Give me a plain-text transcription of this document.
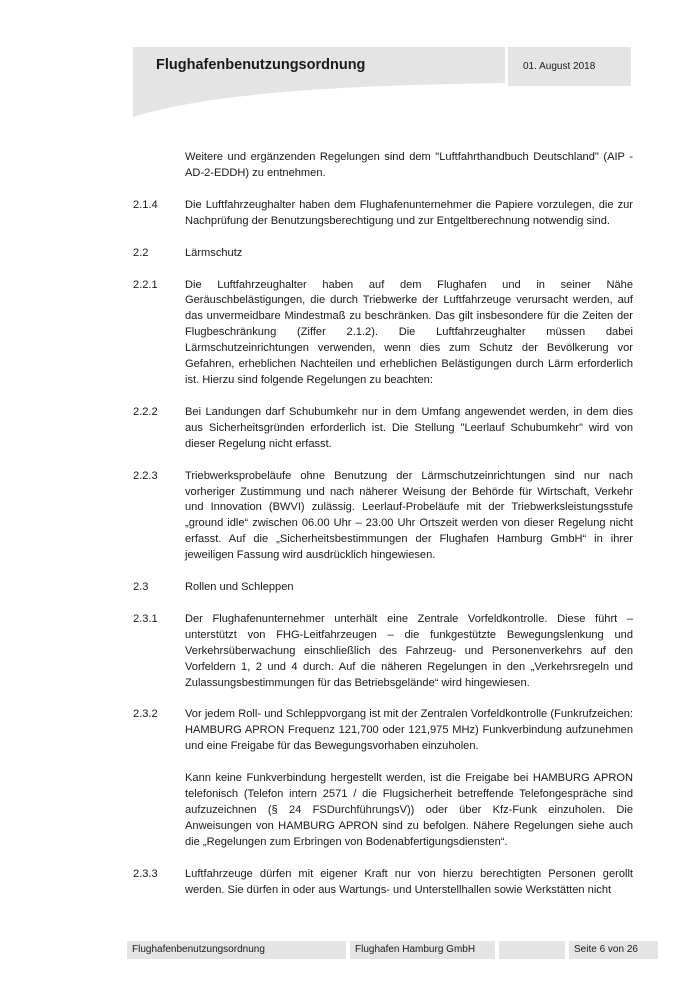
Flughafenbenutzungsordnung	01. August 2018
Weitere und ergänzenden Regelungen sind dem "Luftfahrthandbuch Deutschland" (AIP - AD-2-EDDH) zu entnehmen.
2.1.4 Die Luftfahrzeughalter haben dem Flughafenunternehmer die Papiere vorzulegen, die zur Nachprüfung der Benutzungsberechtigung und zur Entgeltberechnung notwendig sind.
2.2	Lärmschutz
2.2.1 Die Luftfahrzeughalter haben auf dem Flughafen und in seiner Nähe Geräuschbelästigungen, die durch Triebwerke der Luftfahrzeuge verursacht werden, auf das unvermeidbare Mindestmaß zu beschränken. Das gilt insbesondere für die Zeiten der Flugbeschränkung (Ziffer 2.1.2). Die Luftfahrzeughalter müssen dabei Lärmschutzeinrichtungen verwenden, wenn dies zum Schutz der Bevölkerung vor Gefahren, erheblichen Nachteilen und erheblichen Belästigungen durch Lärm erforderlich ist. Hierzu sind folgende Regelungen zu beachten:
2.2.2 Bei Landungen darf Schubumkehr nur in dem Umfang angewendet werden, in dem dies aus Sicherheitsgründen erforderlich ist. Die Stellung "Leerlauf Schubumkehr" wird von dieser Regelung nicht erfasst.
2.2.3 Triebwerksprobeläufe ohne Benutzung der Lärmschutzeinrichtungen sind nur nach vorheriger Zustimmung und nach näherer Weisung der Behörde für Wirtschaft, Verkehr und Innovation (BWVI) zulässig. Leerlauf-Probeläufe mit der Triebwerksleistungsstufe „ground idle“ zwischen 06.00 Uhr – 23.00 Uhr Ortszeit werden von dieser Regelung nicht erfasst. Auf die „Sicherheitsbestimmungen der Flughafen Hamburg GmbH“ in ihrer jeweiligen Fassung wird ausdrücklich hingewiesen.
2.3	Rollen und Schleppen
2.3.1 Der Flughafenunternehmer unterhält eine Zentrale Vorfeldkontrolle. Diese führt – unterstützt von FHG-Leitfahrzeugen – die funkgestützte Bewegungslenkung und Verkehrsüberwachung einschließlich des Fahrzeug- und Personenverkehrs auf den Vorfeldern 1, 2 und 4 durch. Auf die näheren Regelungen in den „Verkehrsregeln und Zulassungsbestimmungen für das Betriebsgelände“ wird hingewiesen.
2.3.2 Vor jedem Roll- und Schleppvorgang ist mit der Zentralen Vorfeldkontrolle (Funkrufzeichen: HAMBURG APRON Frequenz 121,700 oder 121,975 MHz) Funkverbindung aufzunehmen und eine Freigabe für das Bewegungsvorhaben einzuholen.
Kann keine Funkverbindung hergestellt werden, ist die Freigabe bei HAMBURG APRON telefonisch (Telefon intern 2571 / die Flugsicherheit betreffende Telefongespräche sind aufzuzeichnen (§ 24 FSDurchführungsV)) oder über Kfz-Funk einzuholen. Die Anweisungen von HAMBURG APRON sind zu befolgen. Nähere Regelungen siehe auch die „Regelungen zum Erbringen von Bodenabfertigungsdiensten“.
2.3.3 Luftfahrzeuge dürfen mit eigener Kraft nur von hierzu berechtigten Personen gerollt werden. Sie dürfen in oder aus Wartungs- und Unterstellhallen sowie Werkstätten nicht
Flughafenbenutzungsordnung	Flughafen Hamburg GmbH	Seite 6 von 26
